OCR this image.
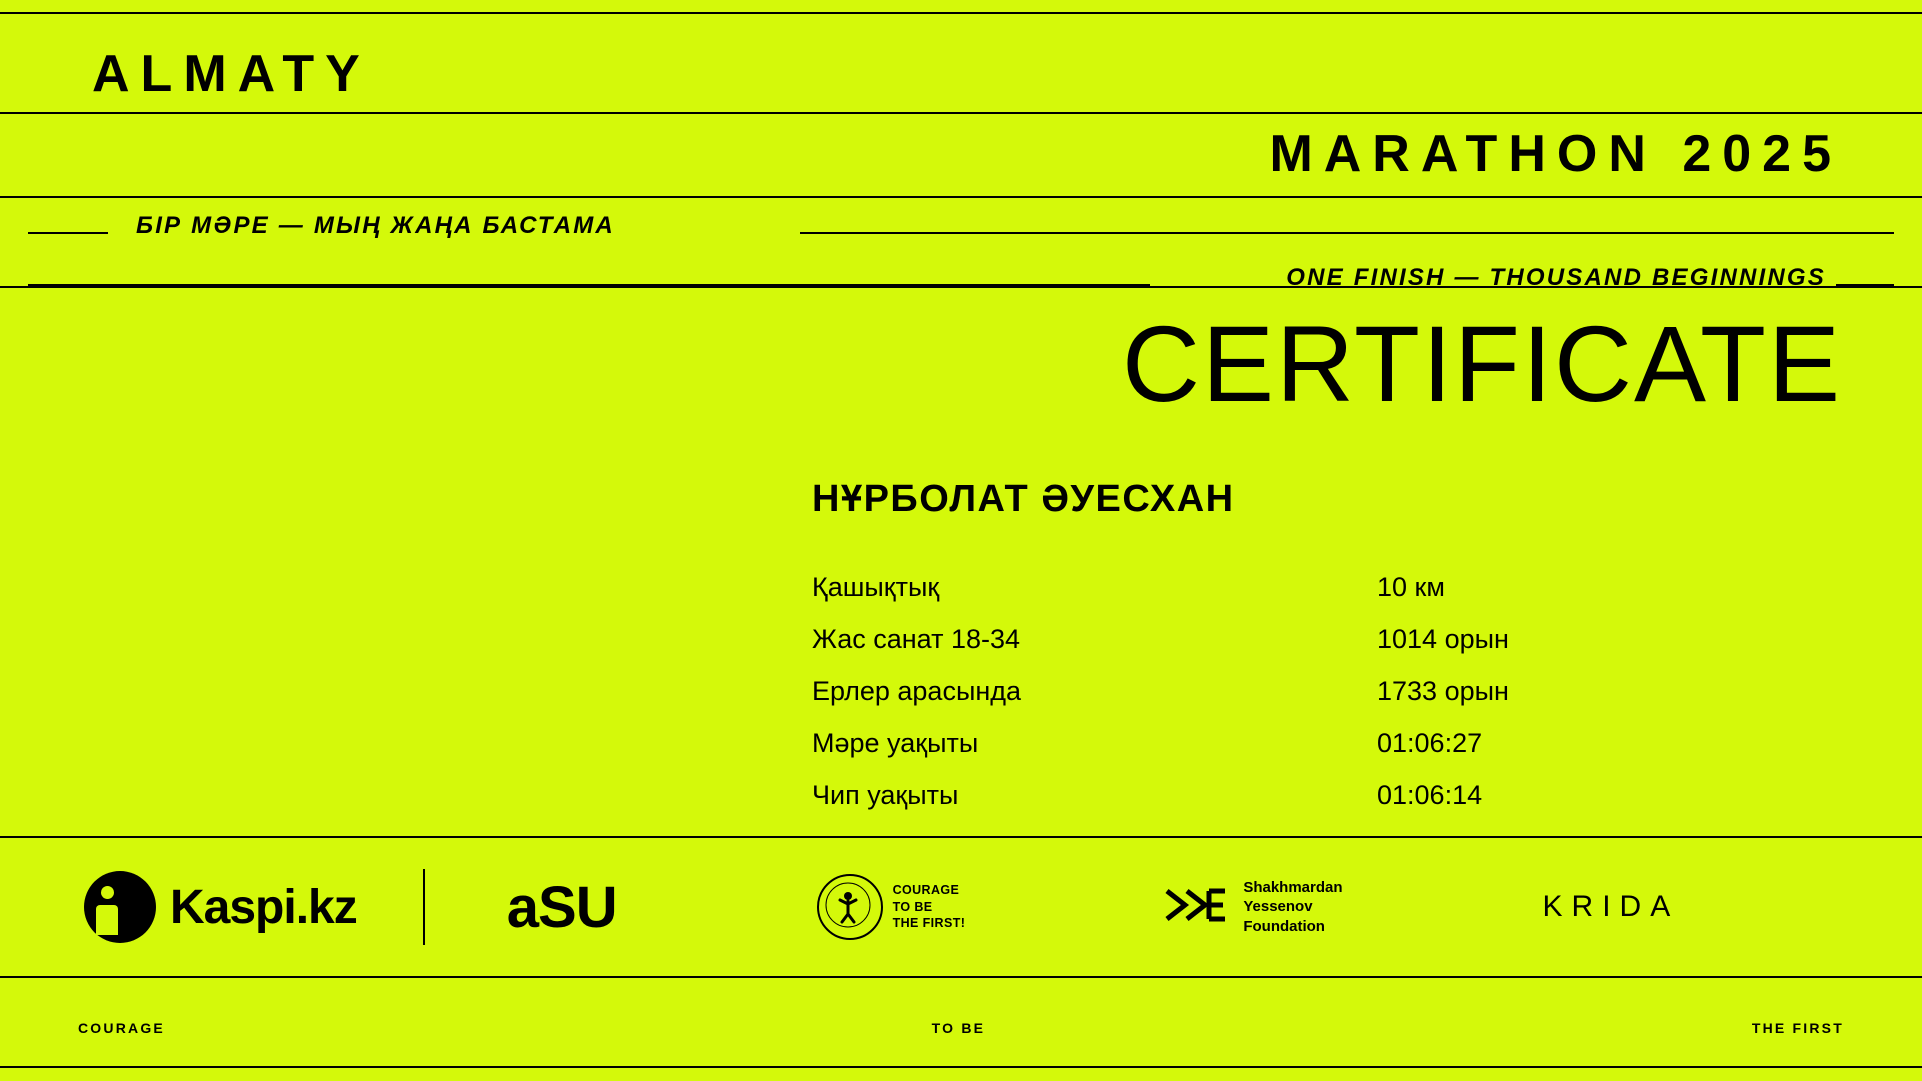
ALMATY
MARATHON 2025
БІР МӘРЕ — МЫҢ ЖАҢА БАСТАМА
ONE FINISH — THOUSAND BEGINNINGS
CERTIFICATE
НҰРБОЛАТ ӘУЕСХАН
Қашықтық	10 км
Жас санат 18-34	1014 орын
Ерлер арасында	1733 орын
Мәре уақыты	01:06:27
Чип уақыты	01:06:14
Kaspi.kz	aSU	COURAGE
TO BE
THE FIRST!
Shakhmardan
Yessenov
Foundation
KRIDA
COURAGE	TO BE	THE FIRST
